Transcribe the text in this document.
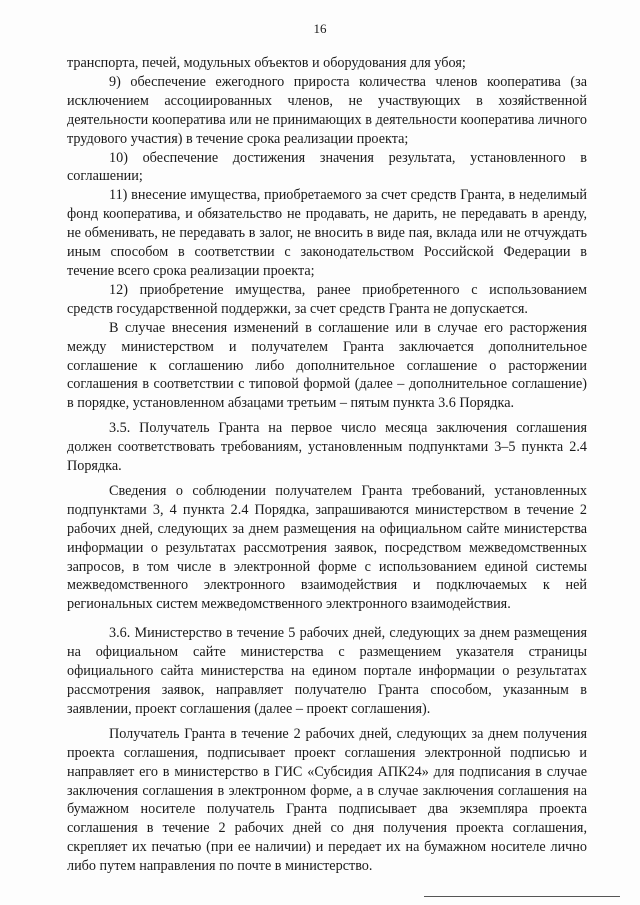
16

транспорта, печей, модульных объектов и оборудования для убоя;

9) обеспечение ежегодного прироста количества членов кооператива (за исключением ассоциированных членов, не участвующих в хозяйственной деятельности кооператива или не принимающих в деятельности кооператива личного трудового участия) в течение срока реализации проекта;

10) обеспечение достижения значения результата, установленного в соглашении;

11) внесение имущества, приобретаемого за счет средств Гранта, в неделимый фонд кооператива, и обязательство не продавать, не дарить, не передавать в аренду, не обменивать, не передавать в залог, не вносить в виде пая, вклада или не отчуждать иным способом в соответствии с законодательством Российской Федерации в течение всего срока реализации проекта;

12) приобретение имущества, ранее приобретенного с использованием средств государственной поддержки, за счет средств Гранта не допускается.

В случае внесения изменений в соглашение или в случае его расторжения между министерством и получателем Гранта заключается дополнительное соглашение к соглашению либо дополнительное соглашение о расторжении соглашения в соответствии с типовой формой (далее – дополнительное соглашение) в порядке, установленном абзацами третьим – пятым пункта 3.6 Порядка.

3.5. Получатель Гранта на первое число месяца заключения соглашения должен соответствовать требованиям, установленным подпунктами 3–5 пункта 2.4 Порядка.

Сведения о соблюдении получателем Гранта требований, установленных подпунктами 3, 4 пункта 2.4 Порядка, запрашиваются министерством в течение 2 рабочих дней, следующих за днем размещения на официальном сайте министерства информации о результатах рассмотрения заявок, посредством межведомственных запросов, в том числе в электронной форме с использованием единой системы межведомственного электронного взаимодействия и подключаемых к ней региональных систем межведомственного электронного взаимодействия.

3.6. Министерство в течение 5 рабочих дней, следующих за днем размещения на официальном сайте министерства с размещением указателя страницы официального сайта министерства на едином портале информации о результатах рассмотрения заявок, направляет получателю Гранта способом, указанным в заявлении, проект соглашения (далее – проект соглашения).

Получатель Гранта в течение 2 рабочих дней, следующих за днем получения проекта соглашения, подписывает проект соглашения электронной подписью и направляет его в министерство в ГИС «Субсидия АПК24» для подписания в случае заключения соглашения в электронном форме, а в случае заключения соглашения на бумажном носителе получатель Гранта подписывает два экземпляра проекта соглашения в течение 2 рабочих дней со дня получения проекта соглашения, скрепляет их печатью (при ее наличии) и передает их на бумажном носителе лично либо путем направления по почте в министерство.
